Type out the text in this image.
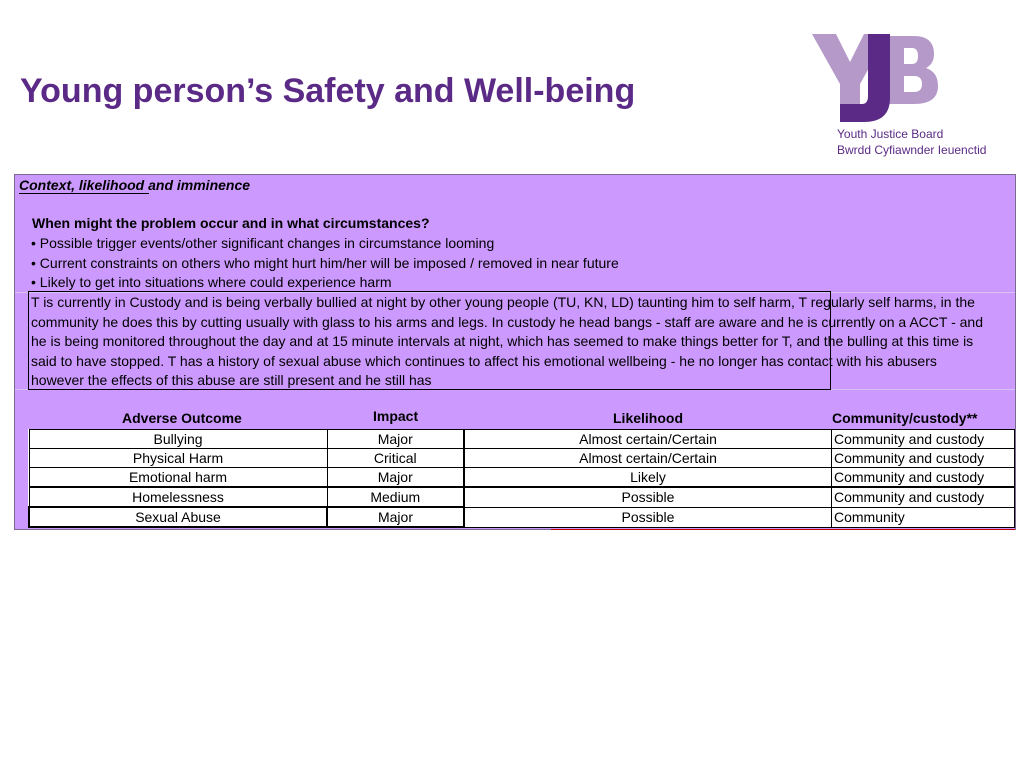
Young person’s Safety and Well-being
Youth Justice Board
Bwrdd Cyfiawnder Ieuenctid
Context, likelihood and imminence
When might the problem occur and in what circumstances?
• Possible trigger events/other significant changes in circumstance looming
• Current constraints on others who might hurt him/her will be imposed / removed in near future
• Likely to get into situations where could experience harm
T is currently in Custody and is being verbally bullied at night by other young people (TU, KN, LD) taunting him to self harm, T regularly self harms, in the community he does this by cutting usually with glass to his arms and legs. In custody he head bangs - staff are aware and he is currently on a ACCT - and he is being monitored throughout the day and at 15 minute intervals at night, which has seemed to make things better for T, and the bulling at this time is said to have stopped. T has a history of sexual abuse which continues to affect his emotional wellbeing - he no longer has contact with his abusers however the effects of this abuse are still present and he still has
Adverse Outcome	Impact	Likelihood	Community/custody**
Bullying	Major	Almost certain/Certain	Community and custody
Physical Harm	Critical	Almost certain/Certain	Community and custody
Emotional harm	Major	Likely	Community and custody
Homelessness	Medium	Possible	Community and custody
Sexual Abuse	Major	Possible	Community
